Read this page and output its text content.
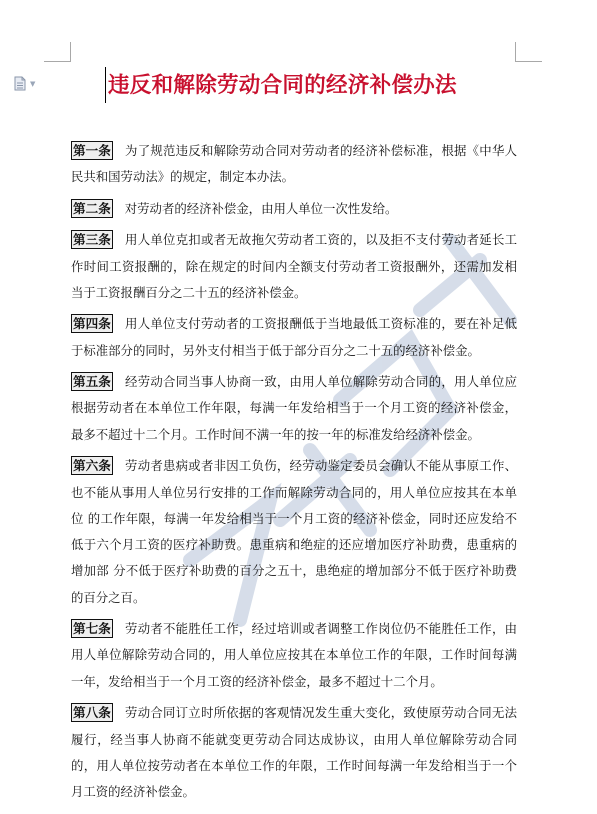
▼	违反和解除劳动合同的经济补偿办法

第一条 为了规范违反和解除劳动合同对劳动者的经济补偿标准，根据《中华人民共和国劳动法》的规定，制定本办法。

第二条 对劳动者的经济补偿金，由用人单位一次性发给。

第三条 用人单位克扣或者无故拖欠劳动者工资的，以及拒不支付劳动者延长工作时间工资报酬的，除在规定的时间内全额支付劳动者工资报酬外，还需加发相当于工资报酬百分之二十五的经济补偿金。

第四条 用人单位支付劳动者的工资报酬低于当地最低工资标准的，要在补足低于标准部分的同时，另外支付相当于低于部分百分之二十五的经济补偿金。

第五条 经劳动合同当事人协商一致，由用人单位解除劳动合同的，用人单位应根据劳动者在本单位工作年限，每满一年发给相当于一个月工资的经济补偿金，最多不超过十二个月。工作时间不满一年的按一年的标准发给经济补偿金。

第六条 劳动者患病或者非因工负伤，经劳动鉴定委员会确认不能从事原工作、也不能从事用人单位另行安排的工作而解除劳动合同的，用人单位应按其在本单位 的工作年限，每满一年发给相当于一个月工资的经济补偿金，同时还应发给不低于六个月工资的医疗补助费。患重病和绝症的还应增加医疗补助费，患重病的增加部 分不低于医疗补助费的百分之五十，患绝症的增加部分不低于医疗补助费的百分之百。

第七条 劳动者不能胜任工作，经过培训或者调整工作岗位仍不能胜任工作，由用人单位解除劳动合同的，用人单位应按其在本单位工作的年限，工作时间每满一年，发给相当于一个月工资的经济补偿金，最多不超过十二个月。

第八条 劳动合同订立时所依据的客观情况发生重大变化，致使原劳动合同无法履行，经当事人协商不能就变更劳动合同达成协议，由用人单位解除劳动合同的，用人单位按劳动者在本单位工作的年限，工作时间每满一年发给相当于一个月工资的经济补偿金。
